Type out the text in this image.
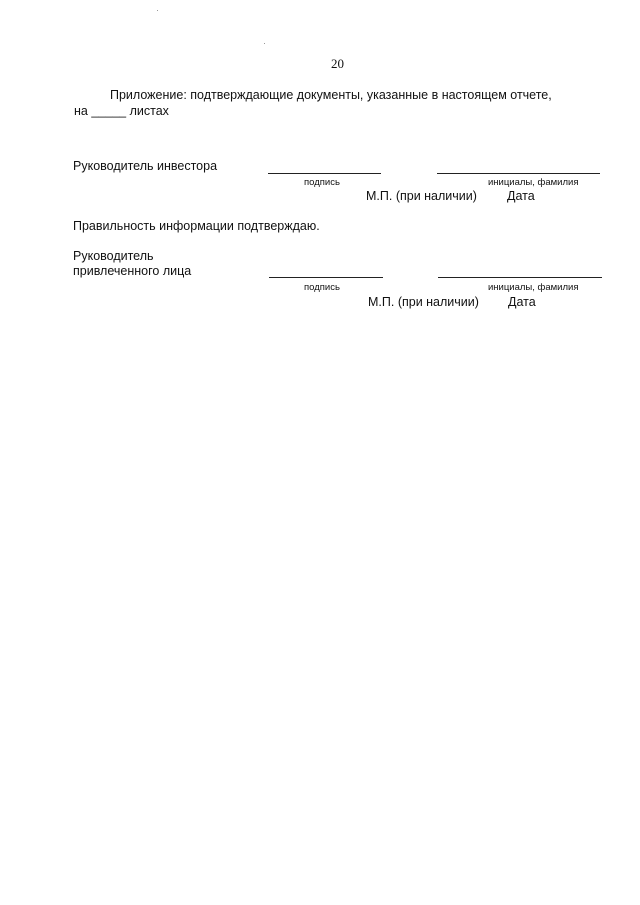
20
Приложение: подтверждающие документы, указанные в настоящем отчете,
на _____ листах
Руководитель инвестора
подпись	инициалы, фамилия
М.П. (при наличии) Дата
Правильность информации подтверждаю.
Руководитель
привлеченного лица
подпись	инициалы, фамилия
М.П. (при наличии) Дата
